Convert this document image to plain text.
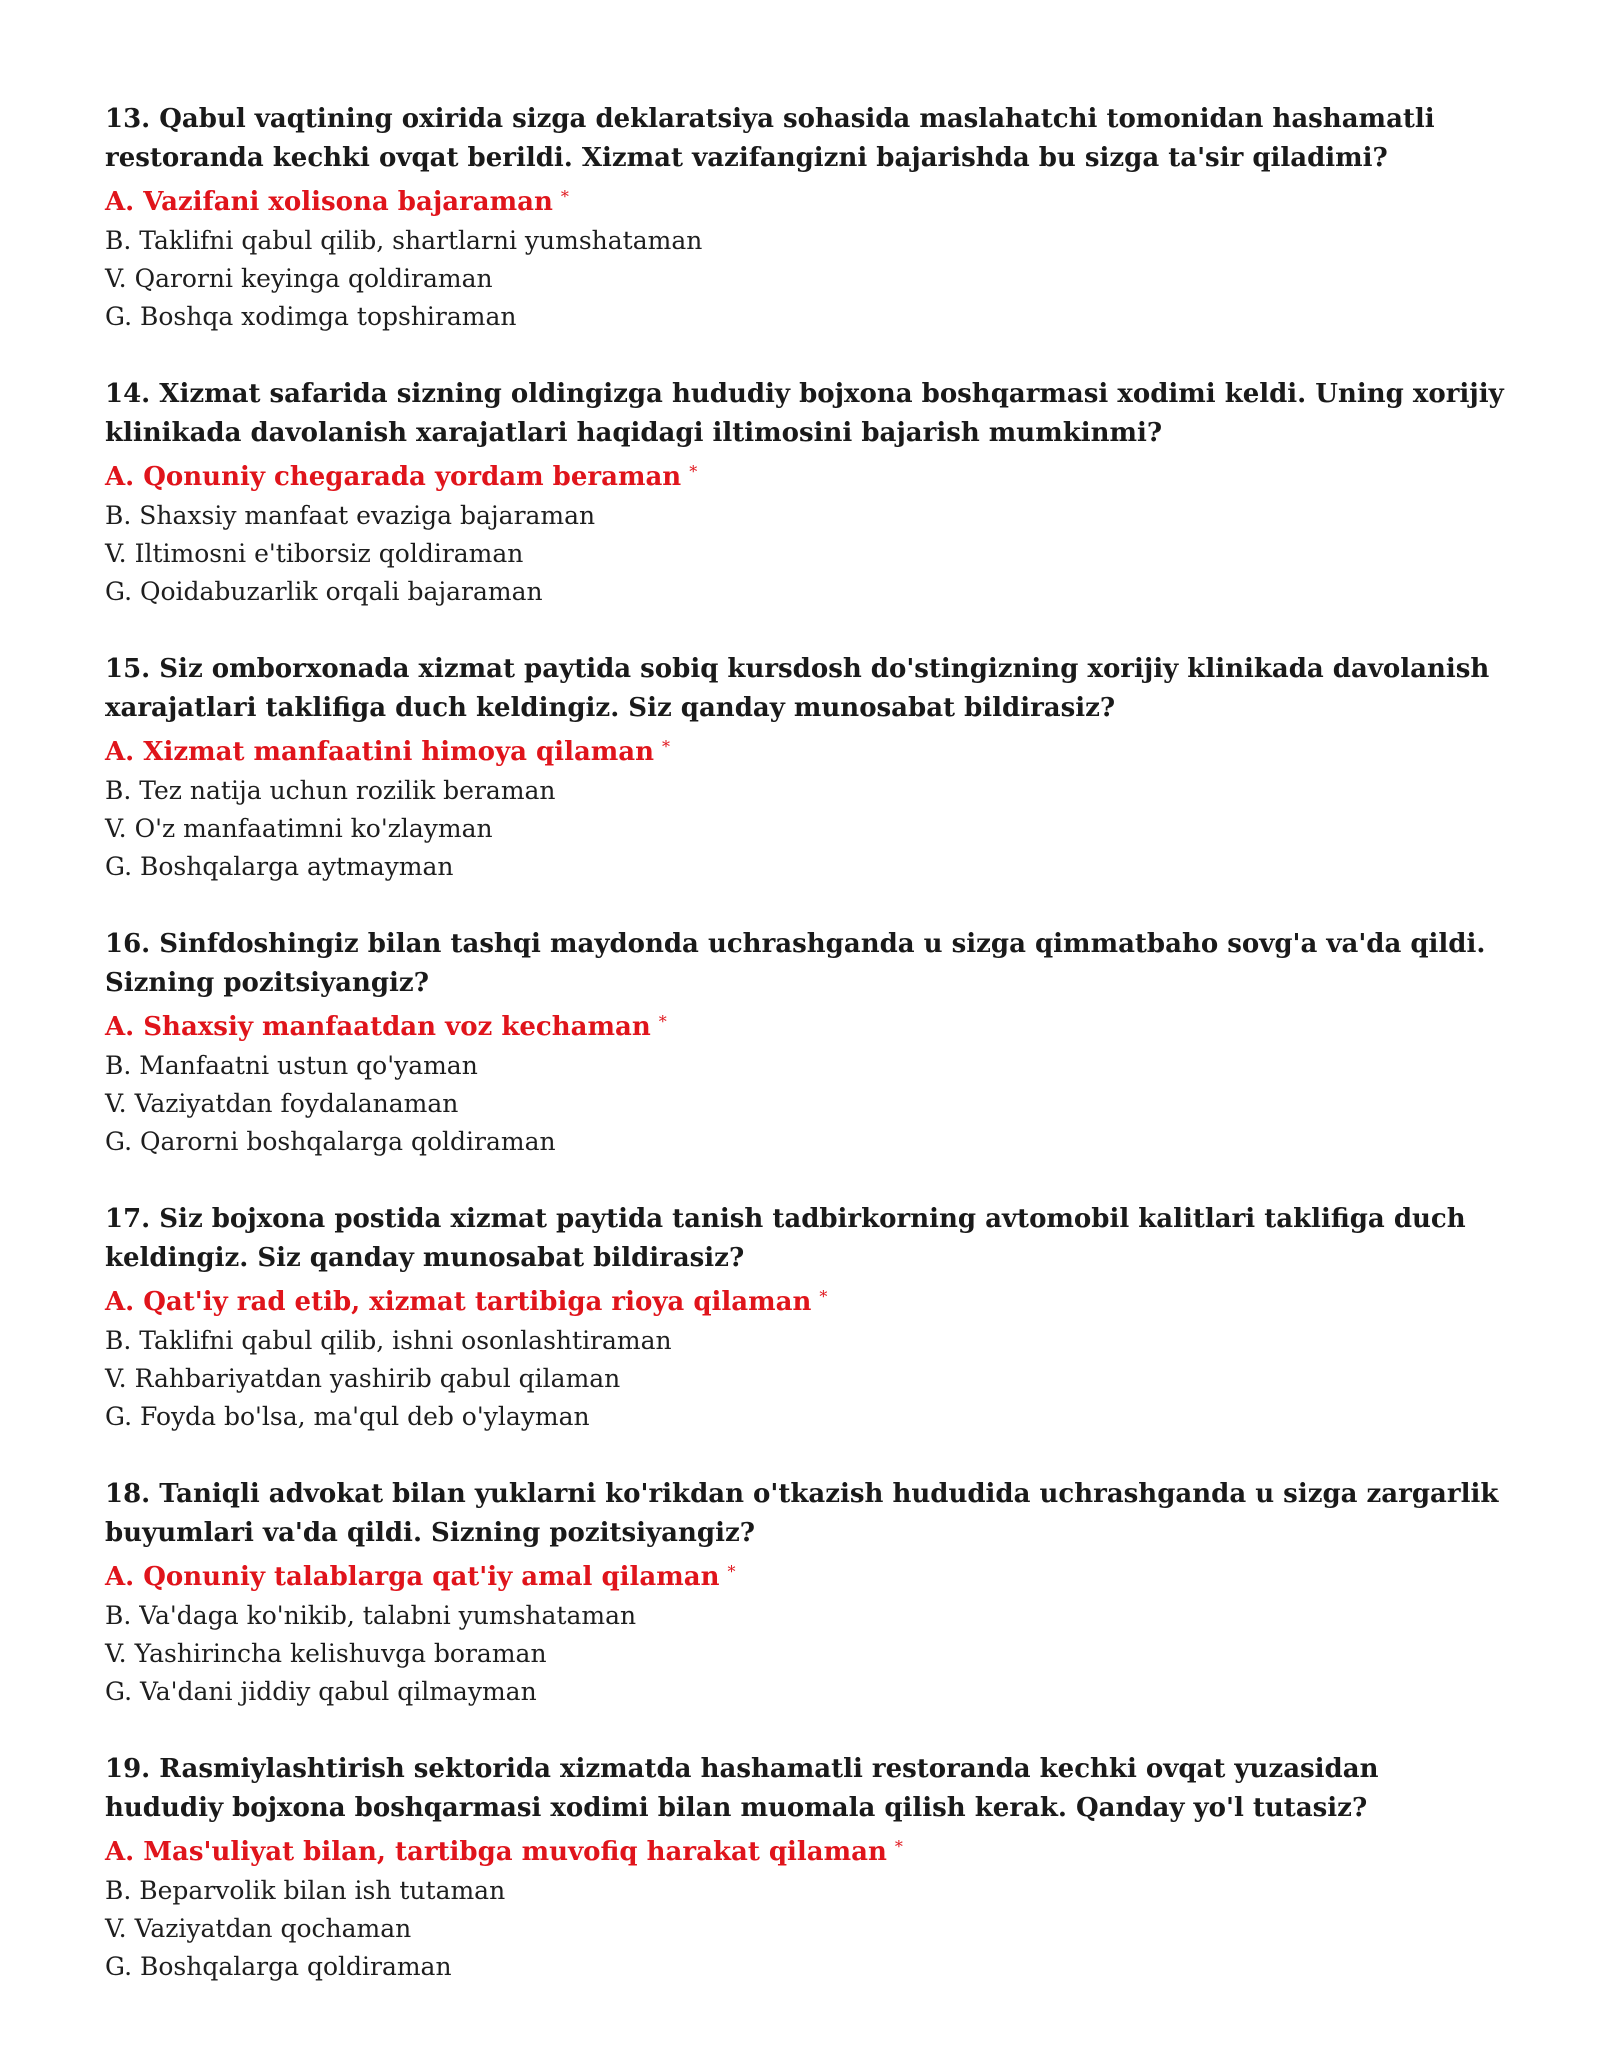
13. Qabul vaqtining oxirida sizga deklaratsiya sohasida maslahatchi tomonidan hashamatli restoranda kechki ovqat berildi. Xizmat vazifangizni bajarishda bu sizga ta'sir qiladimi?

A. Vazifani xolisona bajaraman *

B. Taklifni qabul qilib, shartlarni yumshataman

V. Qarorni keyinga qoldiraman

G. Boshqa xodimga topshiraman

14. Xizmat safarida sizning oldingizga hududiy bojxona boshqarmasi xodimi keldi. Uning xorijiy klinikada davolanish xarajatlari haqidagi iltimosini bajarish mumkinmi?

A. Qonuniy chegarada yordam beraman *

B. Shaxsiy manfaat evaziga bajaraman

V. Iltimosni e'tiborsiz qoldiraman

G. Qoidabuzarlik orqali bajaraman

15. Siz omborxonada xizmat paytida sobiq kursdosh do'stingizning xorijiy klinikada davolanish xarajatlari taklifiga duch keldingiz. Siz qanday munosabat bildirasiz?

A. Xizmat manfaatini himoya qilaman *

B. Tez natija uchun rozilik beraman

V. O'z manfaatimni ko'zlayman

G. Boshqalarga aytmayman

16. Sinfdoshingiz bilan tashqi maydonda uchrashganda u sizga qimmatbaho sovg'a va'da qildi. Sizning pozitsiyangiz?

A. Shaxsiy manfaatdan voz kechaman *

B. Manfaatni ustun qo'yaman

V. Vaziyatdan foydalanaman

G. Qarorni boshqalarga qoldiraman

17. Siz bojxona postida xizmat paytida tanish tadbirkorning avtomobil kalitlari taklifiga duch keldingiz. Siz qanday munosabat bildirasiz?

A. Qat'iy rad etib, xizmat tartibiga rioya qilaman *

B. Taklifni qabul qilib, ishni osonlashtiraman

V. Rahbariyatdan yashirib qabul qilaman

G. Foyda bo'lsa, ma'qul deb o'ylayman

18. Taniqli advokat bilan yuklarni ko'rikdan o'tkazish hududida uchrashganda u sizga zargarlik buyumlari va'da qildi. Sizning pozitsiyangiz?

A. Qonuniy talablarga qat'iy amal qilaman *

B. Va'daga ko'nikib, talabni yumshataman

V. Yashirincha kelishuvga boraman

G. Va'dani jiddiy qabul qilmayman

19. Rasmiylashtirish sektorida xizmatda hashamatli restoranda kechki ovqat yuzasidan hududiy bojxona boshqarmasi xodimi bilan muomala qilish kerak. Qanday yo'l tutasiz?

A. Mas'uliyat bilan, tartibga muvofiq harakat qilaman *

B. Beparvolik bilan ish tutaman

V. Vaziyatdan qochaman

G. Boshqalarga qoldiraman
